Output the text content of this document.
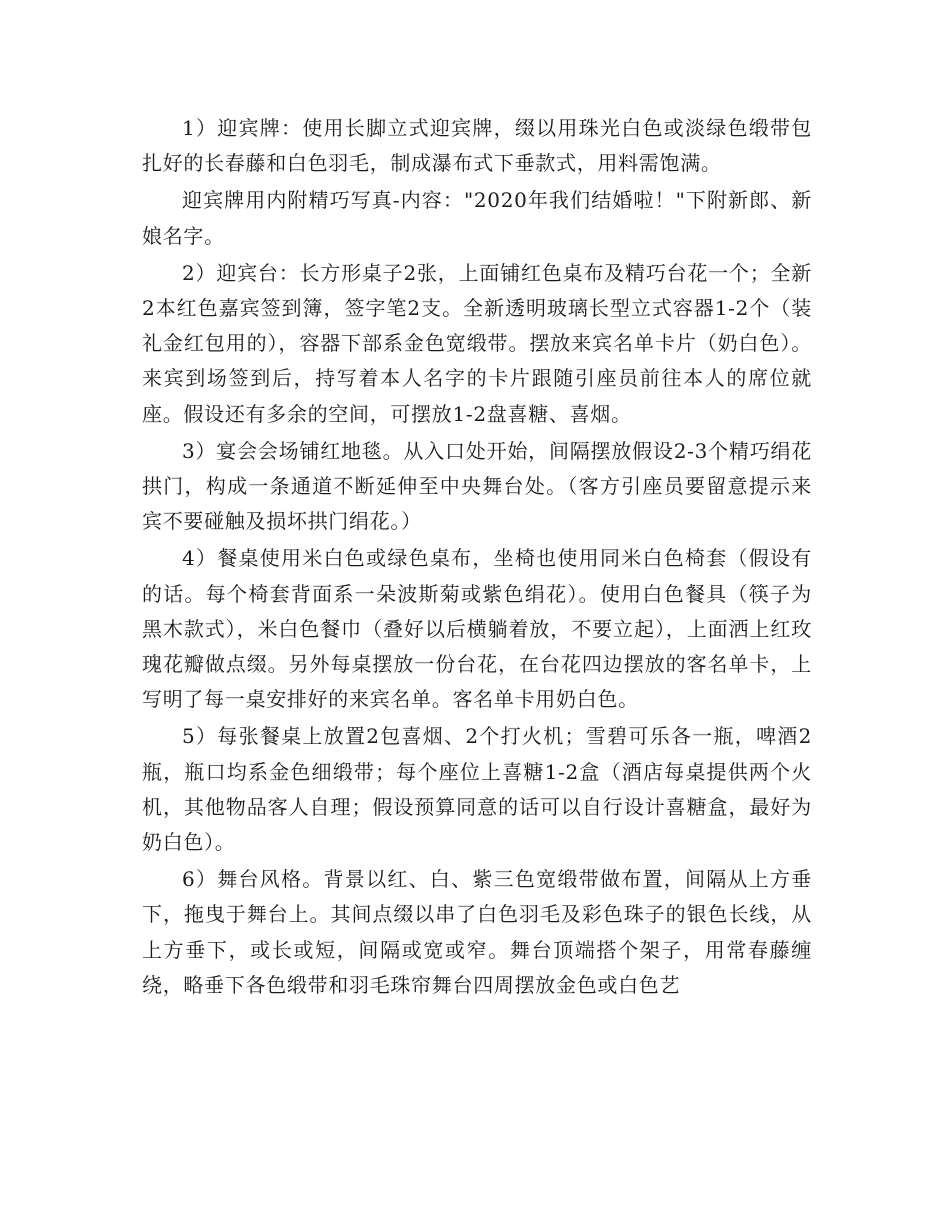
1）迎宾牌：使用长脚立式迎宾牌，缀以用珠光白色或淡绿色缎带包扎好的长春藤和白色羽毛，制成瀑布式下垂款式，用料需饱满。

迎宾牌用内附精巧写真-内容："2020年我们结婚啦！"下附新郎、新娘名字。

2）迎宾台：长方形桌子2张，上面铺红色桌布及精巧台花一个；全新2本红色嘉宾签到簿，签字笔2支。全新透明玻璃长型立式容器1-2个（装礼金红包用的），容器下部系金色宽缎带。摆放来宾名单卡片（奶白色）。来宾到场签到后，持写着本人名字的卡片跟随引座员前往本人的席位就座。假设还有多余的空间，可摆放1-2盘喜糖、喜烟。

3）宴会会场铺红地毯。从入口处开始，间隔摆放假设2-3个精巧绢花拱门，构成一条通道不断延伸至中央舞台处。（客方引座员要留意提示来宾不要碰触及损坏拱门绢花。）

4）餐桌使用米白色或绿色桌布，坐椅也使用同米白色椅套（假设有的话。每个椅套背面系一朵波斯菊或紫色绢花）。使用白色餐具（筷子为黑木款式），米白色餐巾（叠好以后横躺着放，不要立起），上面洒上红玫瑰花瓣做点缀。另外每桌摆放一份台花，在台花四边摆放的客名单卡，上写明了每一桌安排好的来宾名单。客名单卡用奶白色。

5）每张餐桌上放置2包喜烟、2个打火机；雪碧可乐各一瓶，啤酒2瓶，瓶口均系金色细缎带；每个座位上喜糖1-2盒（酒店每桌提供两个火机，其他物品客人自理；假设预算同意的话可以自行设计喜糖盒，最好为奶白色）。

6）舞台风格。背景以红、白、紫三色宽缎带做布置，间隔从上方垂下，拖曳于舞台上。其间点缀以串了白色羽毛及彩色珠子的银色长线，从上方垂下，或长或短，间隔或宽或窄。舞台顶端搭个架子，用常春藤缠绕，略垂下各色缎带和羽毛珠帘舞台四周摆放金色或白色艺
